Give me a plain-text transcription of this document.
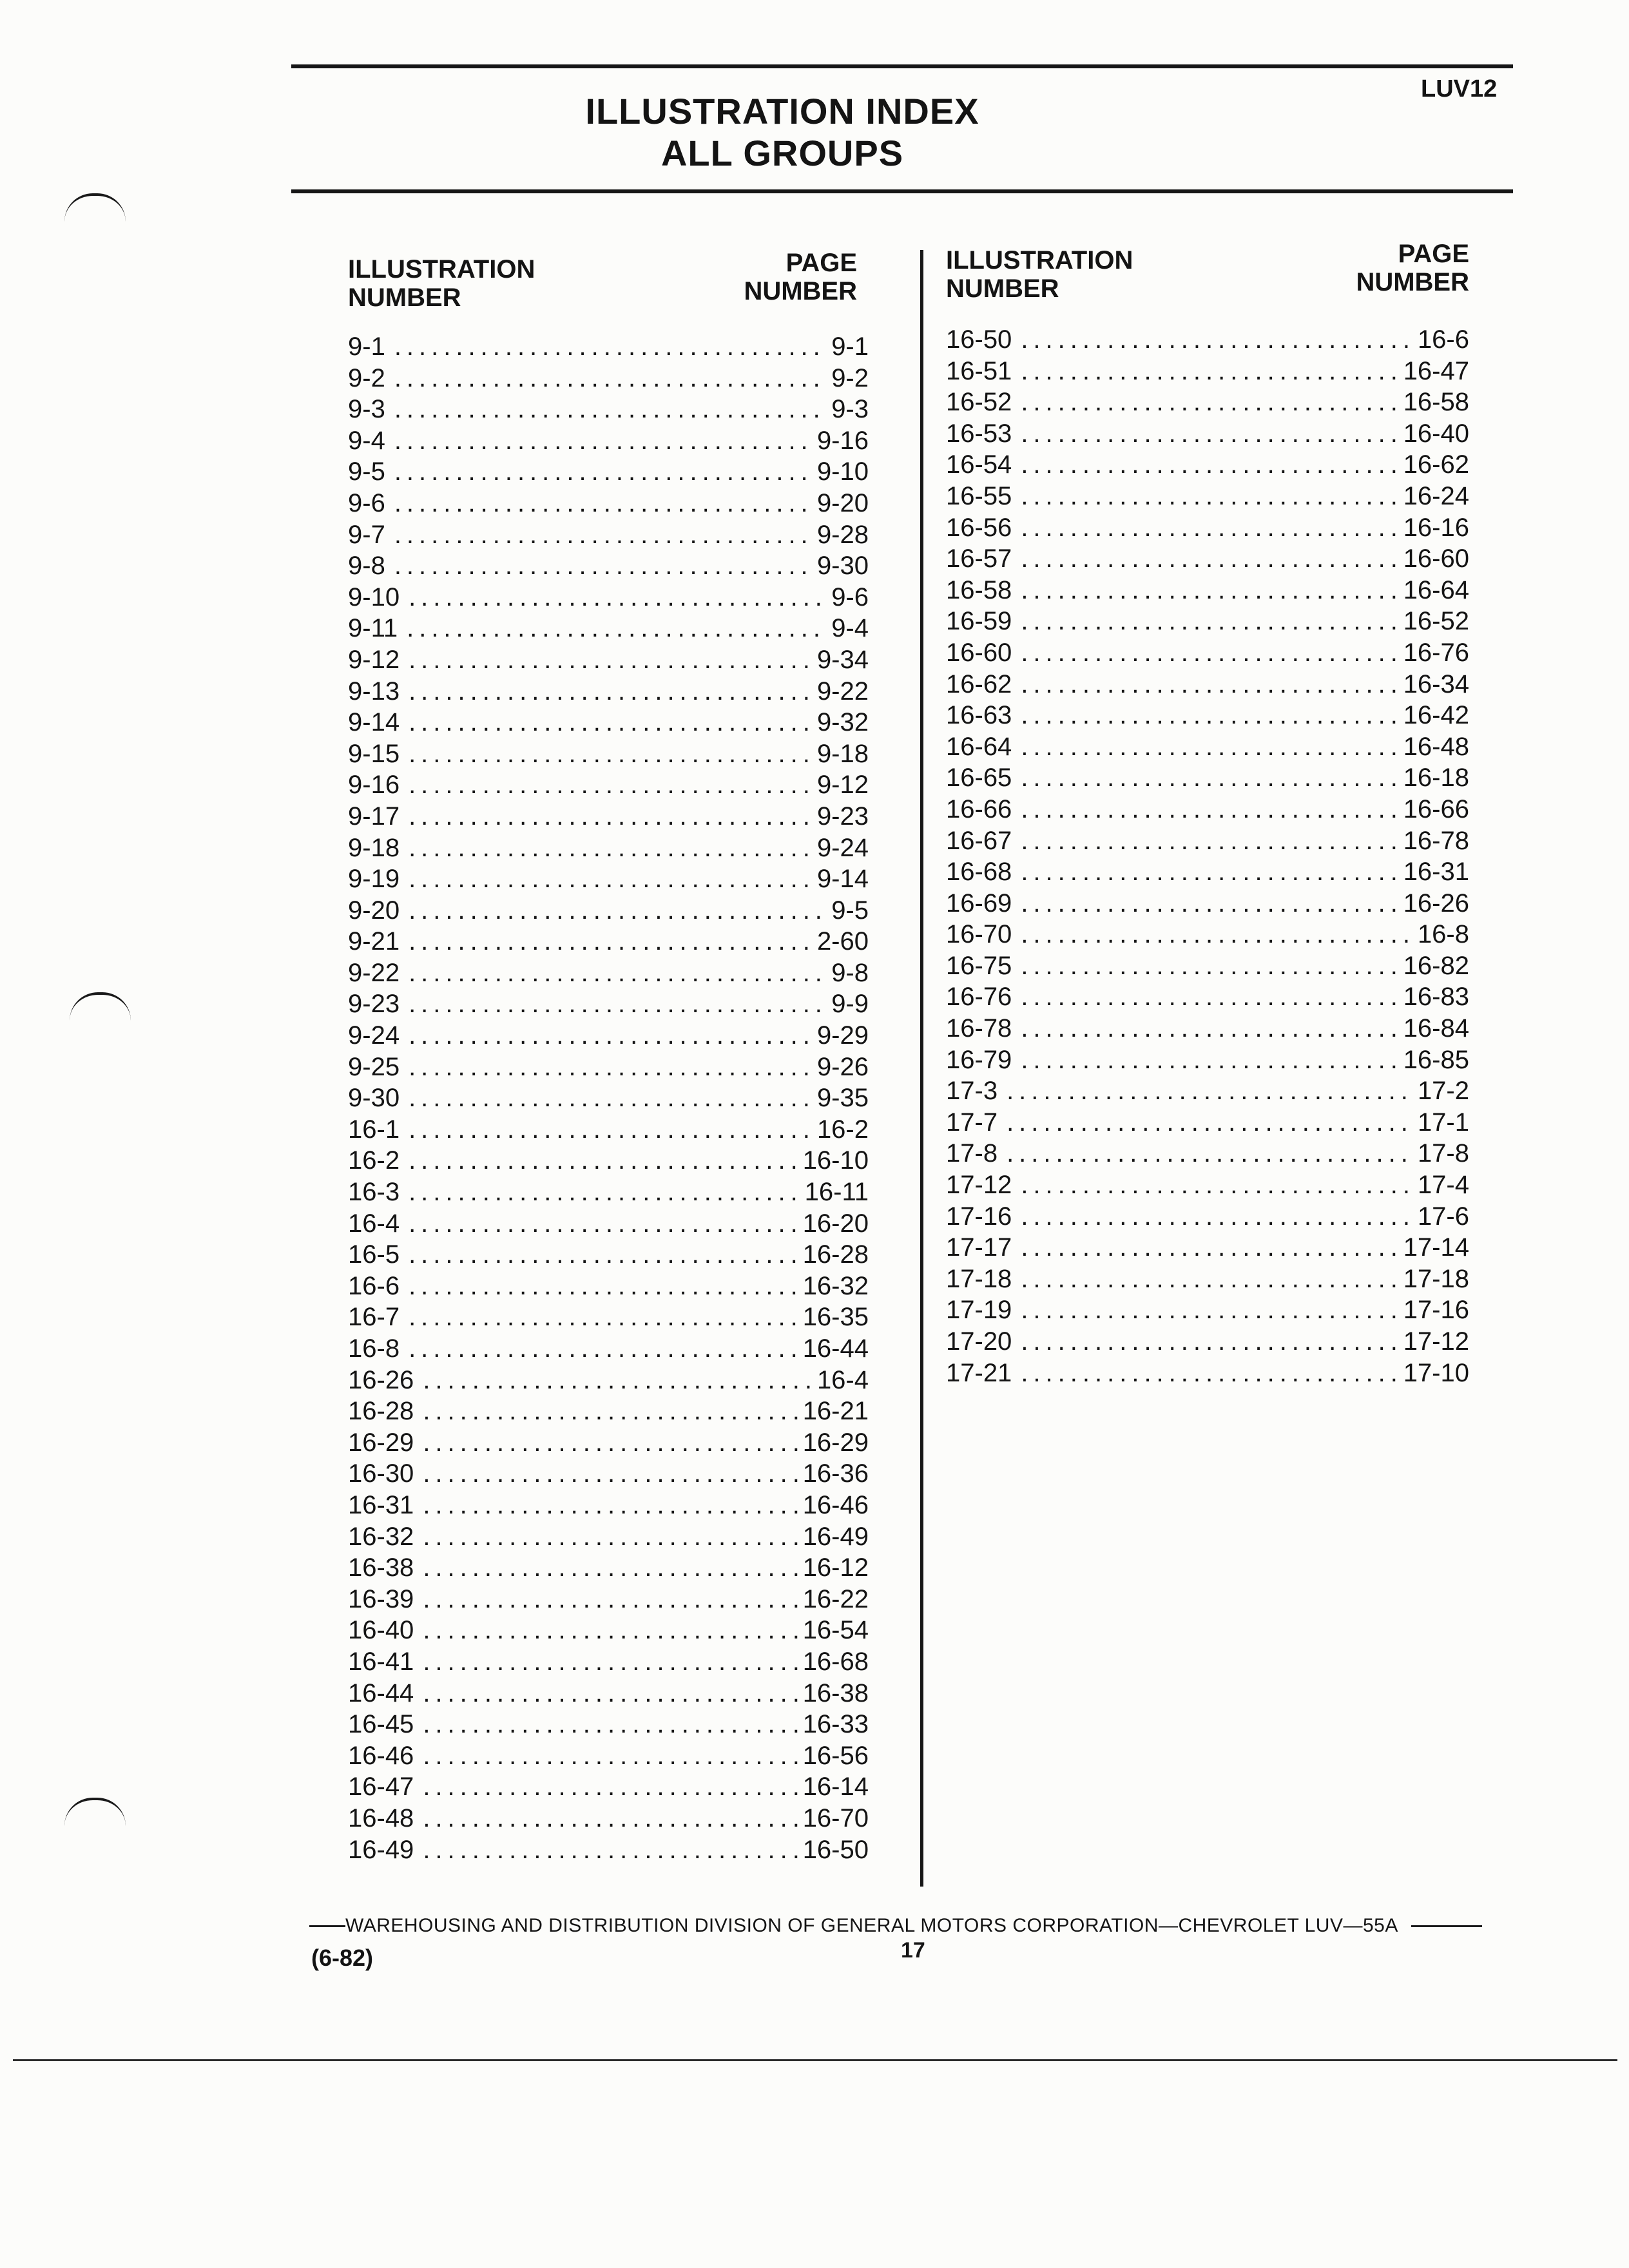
ILLUSTRATION INDEX
ALL GROUPS
LUV12
ILLUSTRATION
NUMBER
PAGE
NUMBER
ILLUSTRATION
NUMBER
PAGE
NUMBER
9-1 .....	9-1
9-2 .....	9-2
9-3 .....	9-3
9-4 .....	9-16
9-5 .....	9-10
9-6 .....	9-20
9-7 .....	9-28
9-8 .....	9-30
9-10 .....	9-6
9-11 .....	9-4
9-12 .....	9-34
9-13 .....	9-22
9-14 .....	9-32
9-15 .....	9-18
9-16 .....	9-12
9-17 .....	9-23
9-18 .....	9-24
9-19 .....	9-14
9-20 .....	9-5
9-21 .....	2-60
9-22 .....	9-8
9-23 .....	9-9
9-24 .....	9-29
9-25 .....	9-26
9-30 .....	9-35
16-1 .....	16-2
16-2 .....	16-10
16-3 .....	16-11
16-4 .....	16-20
16-5 .....	16-28
16-6 .....	16-32
16-7 .....	16-35
16-8 .....	16-44
16-26 .....	16-4
16-28 .....	16-21
16-29 .....	16-29
16-30 .....	16-36
16-31 .....	16-46
16-32 .....	16-49
16-38 .....	16-12
16-39 .....	16-22
16-40 .....	16-54
16-41 .....	16-68
16-44 .....	16-38
16-45 .....	16-33
16-46 .....	16-56
16-47 .....	16-14
16-48 .....	16-70
16-49 .....	16-50
16-50 .....	16-6
16-51 .....	16-47
16-52 .....	16-58
16-53 .....	16-40
16-54 .....	16-62
16-55 .....	16-24
16-56 .....	16-16
16-57 .....	16-60
16-58 .....	16-64
16-59 .....	16-52
16-60 .....	16-76
16-62 .....	16-34
16-63 .....	16-42
16-64 .....	16-48
16-65 .....	16-18
16-66 .....	16-66
16-67 .....	16-78
16-68 .....	16-31
16-69 .....	16-26
16-70 .....	16-8
16-75 .....	16-82
16-76 .....	16-83
16-78 .....	16-84
16-79 .....	16-85
17-3 .....	17-2
17-7 .....	17-1
17-8 .....	17-8
17-12 .....	17-4
17-16 .....	17-6
17-17 .....	17-14
17-18 .....	17-18
17-19 .....	17-16
17-20 .....	17-12
17-21 .....	17-10
WAREHOUSING AND DISTRIBUTION DIVISION OF GENERAL MOTORS CORPORATION—CHEVROLET LUV—55A
(6-82)	17
